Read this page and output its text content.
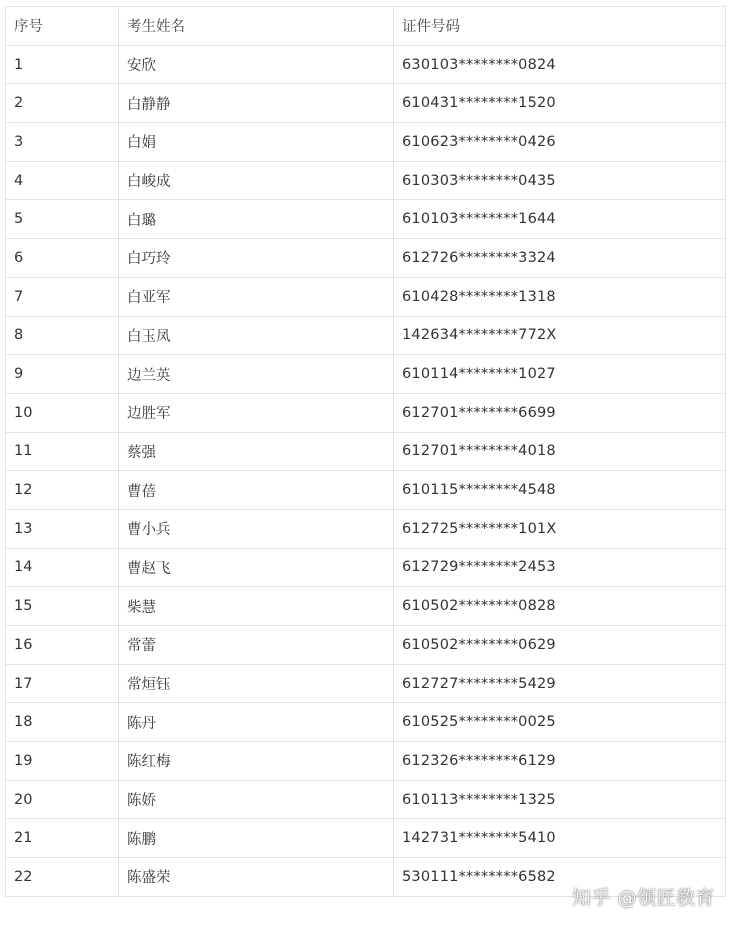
序号	考生姓名	证件号码
1	安欣	630103********0824
2	白静静	610431********1520
3	白娟	610623********0426
4	白峻成	610303********0435
5	白璐	610103********1644
6	白巧玲	612726********3324
7	白亚军	610428********1318
8	白玉凤	142634********772X
9	边兰英	610114********1027
10	边胜军	612701********6699
11	蔡强	612701********4018
12	曹蓓	610115********4548
13	曹小兵	612725********101X
14	曹赵飞	612729********2453
15	柴慧	610502********0828
16	常蕾	610502********0629
17	常烜钰	612727********5429
18	陈丹	610525********0025
19	陈红梅	612326********6129
20	陈娇	610113********1325
21	陈鹏	142731********5410
22	陈盛荣	530111********6582
知乎 @领匠教育
